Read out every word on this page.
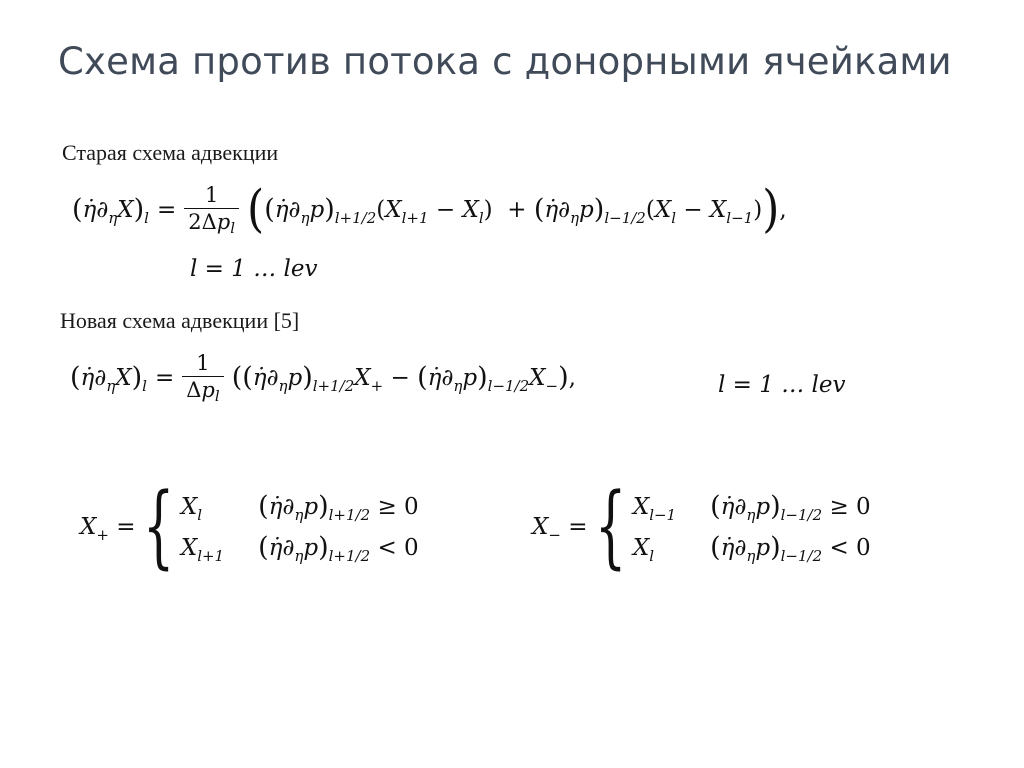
Схема против потока с донорными ячейками
Старая схема адвекции
( η̇ ∂ η X ) $l = \frac{1}{\text{2Δpl}}$ ( ( η̇ ∂ η p ) l+1/2 ( X l+1 − X l )  + ( η̇ ∂ η p ) l−1/2 ( X l − X l−1 ) ) ,
l = 1 … lev
Новая схема адвекции [5]
( η̇ ∂ η X ) $l = \frac{1}{\text{Δpl}}$ ( ( η̇ ∂ η p ) l+1/2 X + − ( η̇ ∂ η p ) l−1/2 X − ) ,	l = 1 … lev
X + = { X l ( η̇ ∂ η p ) l+1/2
≥ 0
X l+1 ( η̇ ∂ η p ) l+1/2
< 0
X − = { X l−1 ( η̇ ∂ η p ) l−1/2
≥ 0
X l ( η̇ ∂ η p ) l−1/2
< 0
